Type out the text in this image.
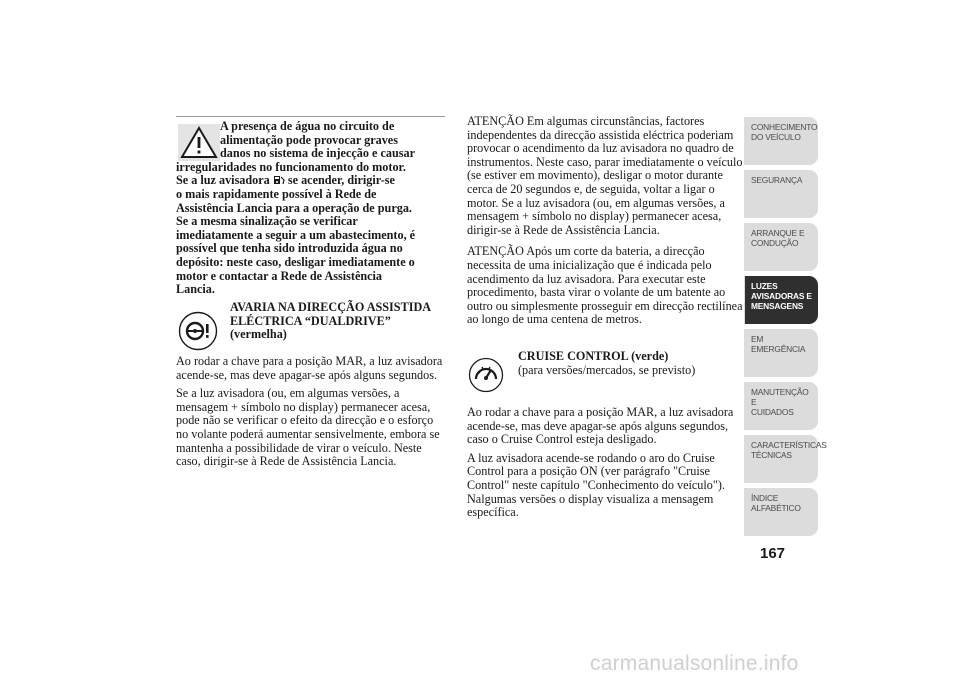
A presença de água no circuito de
alimentação pode provocar graves
danos no sistema de injecção e causar
irregularidades no funcionamento do motor.
Se a luz avisadora se acender, dirigir-se
o mais rapidamente possível à Rede de
Assistência Lancia para a operação de purga.
Se a mesma sinalização se verificar
imediatamente a seguir a um abastecimento, é
possível que tenha sido introduzida água no
depósito: neste caso, desligar imediatamente o
motor e contactar a Rede de Assistência
Lancia.
AVARIA NA DIRECÇÃO ASSISTIDA
ELÉCTRICA “DUALDRIVE”
(vermelha)

Ao rodar a chave para a posição MAR, a luz avisadora acende-se, mas deve apagar-se após alguns segundos.

Se a luz avisadora (ou, em algumas versões, a mensagem + símbolo no display) permanecer acesa, pode não se verificar o efeito da direcção e o esforço no volante poderá aumentar sensivelmente, embora se mantenha a possibilidade de virar o veículo. Neste caso, dirigir-se à Rede de Assistência Lancia.

ATENÇÃO Em algumas circunstâncias, factores independentes da direcção assistida eléctrica poderiam provocar o acendimento da luz avisadora no quadro de instrumentos. Neste caso, parar imediatamente o veículo (se estiver em movimento), desligar o motor durante cerca de 20 segundos e, de seguida, voltar a ligar o motor. Se a luz avisadora (ou, em algumas versões, a mensagem + símbolo no display) permanecer acesa, dirigir-se à Rede de Assistência Lancia.

ATENÇÃO Após um corte da bateria, a direcção necessita de uma inicialização que é indicada pelo acendimento da luz avisadora. Para executar este procedimento, basta virar o volante de um batente ao outro ou simplesmente prosseguir em direcção rectilínea ao longo de uma centena de metros.

CRUISE CONTROL (verde)
(para versões/mercados, se previsto)

Ao rodar a chave para a posição MAR, a luz avisadora acende-se, mas deve apagar-se após alguns segundos, caso o Cruise Control esteja desligado.

A luz avisadora acende-se rodando o aro do Cruise Control para a posição ON (ver parágrafo "Cruise Control" neste capítulo "Conhecimento do veículo"). Nalgumas versões o display visualiza a mensagem específica.

CONHECIMENTO
DO VEÍCULO
SEGURANÇA
ARRANQUE E
CONDUÇÃO
LUZES
AVISADORAS E
MENSAGENS
EM EMERGÊNCIA
MANUTENÇÃO E
CUIDADOS
CARACTERÍSTICAS
TÉCNICAS
ÍNDICE
ALFABÉTICO
167
carmanualsonline.info
